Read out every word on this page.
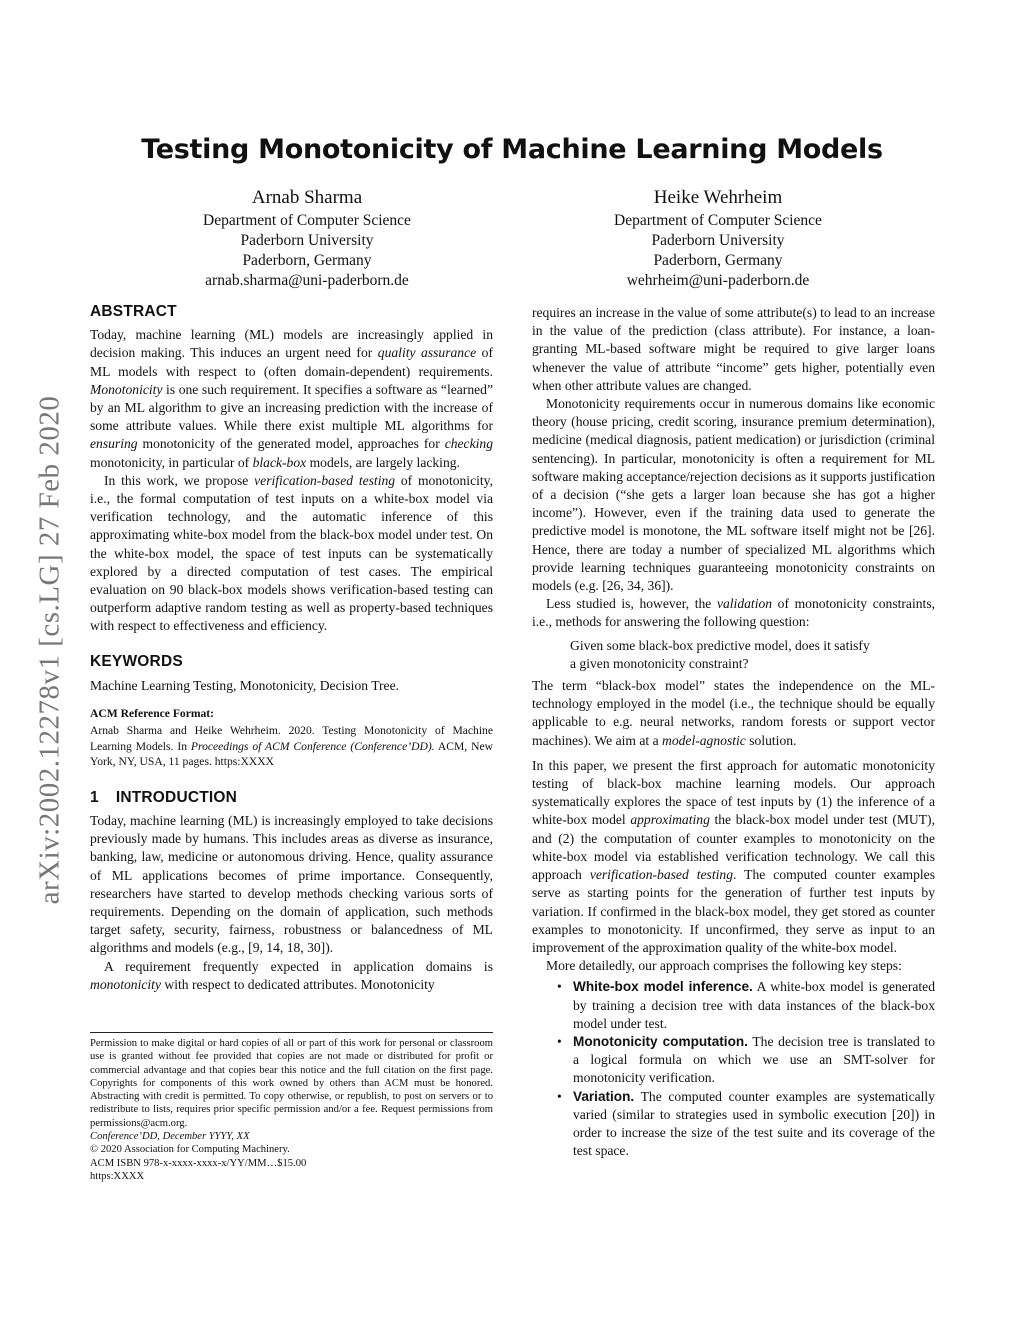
arXiv:2002.12278v1 [cs.LG] 27 Feb 2020
Testing Monotonicity of Machine Learning Models
Arnab Sharma
Department of Computer Science
Paderborn University
Paderborn, Germany
arnab.sharma@uni-paderborn.de
Heike Wehrheim
Department of Computer Science
Paderborn University
Paderborn, Germany
wehrheim@uni-paderborn.de
ABSTRACT

Today, machine learning (ML) models are increasingly applied in decision making. This induces an urgent need for quality assurance of ML models with respect to (often domain-dependent) requirements. Monotonicity is one such requirement. It specifies a software as “learned” by an ML algorithm to give an increasing prediction with the increase of some attribute values. While there exist multiple ML algorithms for ensuring monotonicity of the generated model, approaches for checking monotonicity, in particular of black-box models, are largely lacking.

In this work, we propose verification-based testing of monotonicity, i.e., the formal computation of test inputs on a white-box model via verification technology, and the automatic inference of this approximating white-box model from the black-box model under test. On the white-box model, the space of test inputs can be systematically explored by a directed computation of test cases. The empirical evaluation on 90 black-box models shows verification-based testing can outperform adaptive random testing as well as property-based techniques with respect to effectiveness and efficiency.

KEYWORDS

Machine Learning Testing, Monotonicity, Decision Tree.

ACM Reference Format:

Arnab Sharma and Heike Wehrheim. 2020. Testing Monotonicity of Machine Learning Models. In Proceedings of ACM Conference (Conference’DD). ACM, New York, NY, USA, 11 pages. https:XXXX

1 INTRODUCTION

Today, machine learning (ML) is increasingly employed to take decisions previously made by humans. This includes areas as diverse as insurance, banking, law, medicine or autonomous driving. Hence, quality assurance of ML applications becomes of prime importance. Consequently, researchers have started to develop methods checking various sorts of requirements. Depending on the domain of application, such methods target safety, security, fairness, robustness or balancedness of ML algorithms and models (e.g., [9, 14, 18, 30]).

A requirement frequently expected in application domains is monotonicity with respect to dedicated attributes. Monotonicity

Permission to make digital or hard copies of all or part of this work for personal or classroom use is granted without fee provided that copies are not made or distributed for profit or commercial advantage and that copies bear this notice and the full citation on the first page. Copyrights for components of this work owned by others than ACM must be honored. Abstracting with credit is permitted. To copy otherwise, or republish, to post on servers or to redistribute to lists, requires prior specific permission and/or a fee. Request permissions from permissions@acm.org.
Conference’DD, December YYYY, XX
© 2020 Association for Computing Machinery.
ACM ISBN 978-x-xxxx-xxxx-x/YY/MM…$15.00
https:XXXX

requires an increase in the value of some attribute(s) to lead to an increase in the value of the prediction (class attribute). For instance, a loan-granting ML-based software might be required to give larger loans whenever the value of attribute “income” gets higher, potentially even when other attribute values are changed.

Monotonicity requirements occur in numerous domains like economic theory (house pricing, credit scoring, insurance premium determination), medicine (medical diagnosis, patient medication) or jurisdiction (criminal sentencing). In particular, monotonicity is often a requirement for ML software making acceptance/rejection decisions as it supports justification of a decision (“she gets a larger loan because she has got a higher income”). However, even if the training data used to generate the predictive model is monotone, the ML software itself might not be [26]. Hence, there are today a number of specialized ML algorithms which provide learning techniques guaranteeing monotonicity constraints on models (e.g. [26, 34, 36]).

Less studied is, however, the validation of monotonicity constraints, i.e., methods for answering the following question:

Given some black-box predictive model, does it satisfy
a given monotonicity constraint?

The term “black-box model” states the independence on the ML-technology employed in the model (i.e., the technique should be equally applicable to e.g. neural networks, random forests or support vector machines). We aim at a model-agnostic solution.

In this paper, we present the first approach for automatic monotonicity testing of black-box machine learning models. Our approach systematically explores the space of test inputs by (1) the inference of a white-box model approximating the black-box model under test (MUT), and (2) the computation of counter examples to monotonicity on the white-box model via established verification technology. We call this approach verification-based testing. The computed counter examples serve as starting points for the generation of further test inputs by variation. If confirmed in the black-box model, they get stored as counter examples to monotonicity. If unconfirmed, they serve as input to an improvement of the approximation quality of the white-box model.

More detailedly, our approach comprises the following key steps:

• White-box model inference. A white-box model is generated by training a decision tree with data instances of the black-box model under test.
• Monotonicity computation. The decision tree is translated to a logical formula on which we use an SMT-solver for monotonicity verification.
• Variation. The computed counter examples are systematically varied (similar to strategies used in symbolic execution [20]) in order to increase the size of the test suite and its coverage of the test space.
